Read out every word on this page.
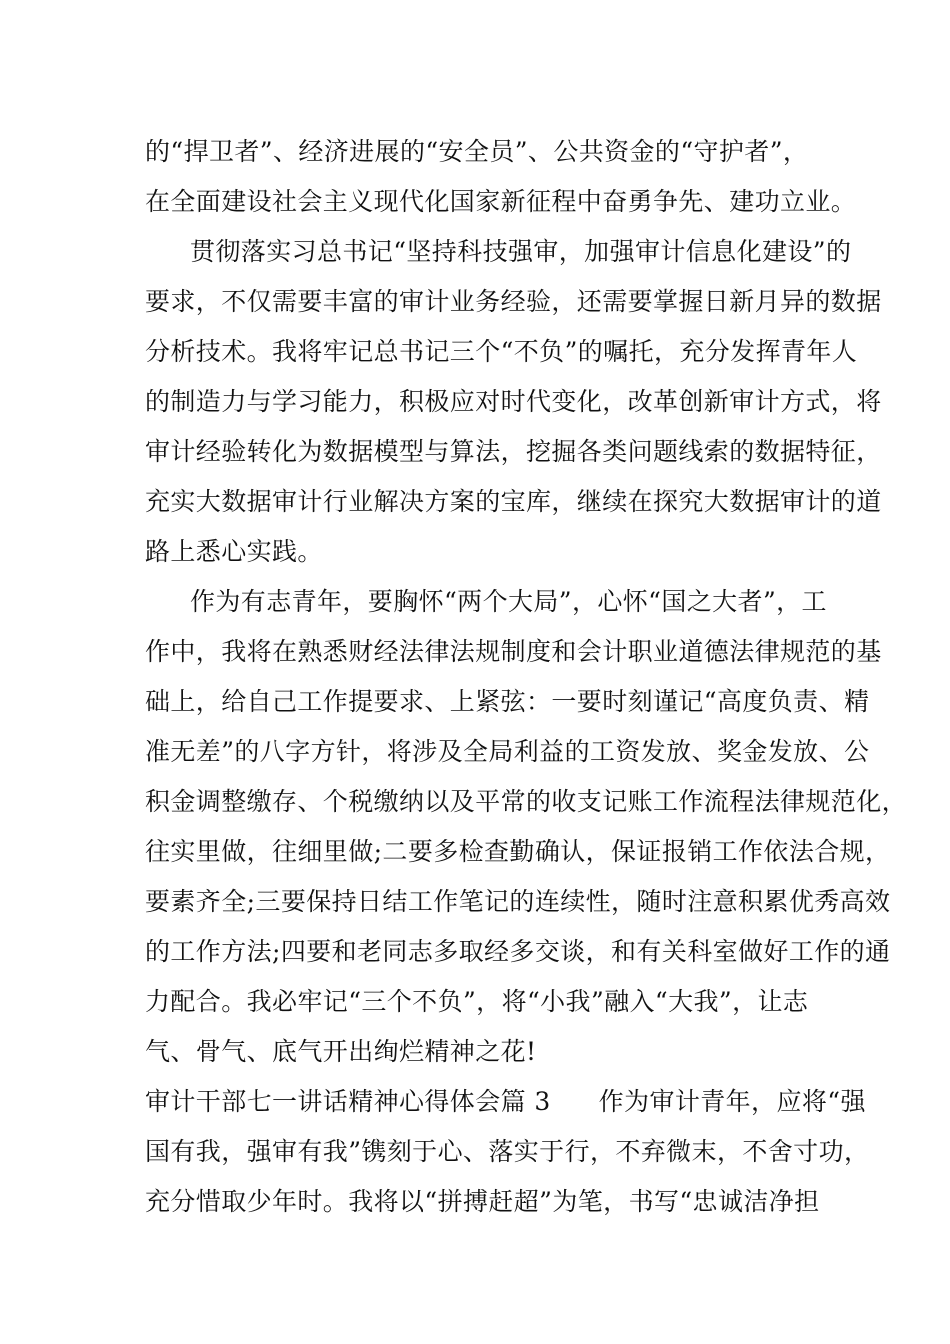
的“捍卫者”、经济进展的“安全员”、公共资金的“守护者”，
在全面建设社会主义现代化国家新征程中奋勇争先、建功立业。
贯彻落实习总书记“坚持科技强审，加强审计信息化建设”的
要求，不仅需要丰富的审计业务经验，还需要掌握日新月异的数据
分析技术。我将牢记总书记三个“不负”的嘱托，充分发挥青年人
的制造力与学习能力，积极应对时代变化，改革创新审计方式，将
审计经验转化为数据模型与算法，挖掘各类问题线索的数据特征，
充实大数据审计行业解决方案的宝库，继续在探究大数据审计的道
路上悉心实践。
作为有志青年，要胸怀“两个大局”，心怀“国之大者”，工
作中，我将在熟悉财经法律法规制度和会计职业道德法律规范的基
础上，给自己工作提要求、上紧弦：一要时刻谨记“高度负责、精
准无差”的八字方针，将涉及全局利益的工资发放、奖金发放、公
积金调整缴存、个税缴纳以及平常的收支记账工作流程法律规范化，
往实里做，往细里做;二要多检查勤确认，保证报销工作依法合规，
要素齐全;三要保持日结工作笔记的连续性，随时注意积累优秀高效
的工作方法;四要和老同志多取经多交谈，和有关科室做好工作的通
力配合。我必牢记“三个不负”，将“小我”融入“大我”，让志
气、骨气、底气开出绚烂精神之花!
审计干部七一讲话精神心得体会篇 3 作为审计青年，应将“强
国有我，强审有我”镌刻于心、落实于行，不弃微末，不舍寸功，
充分惜取少年时。我将以“拼搏赶超”为笔，书写“忠诚洁净担
